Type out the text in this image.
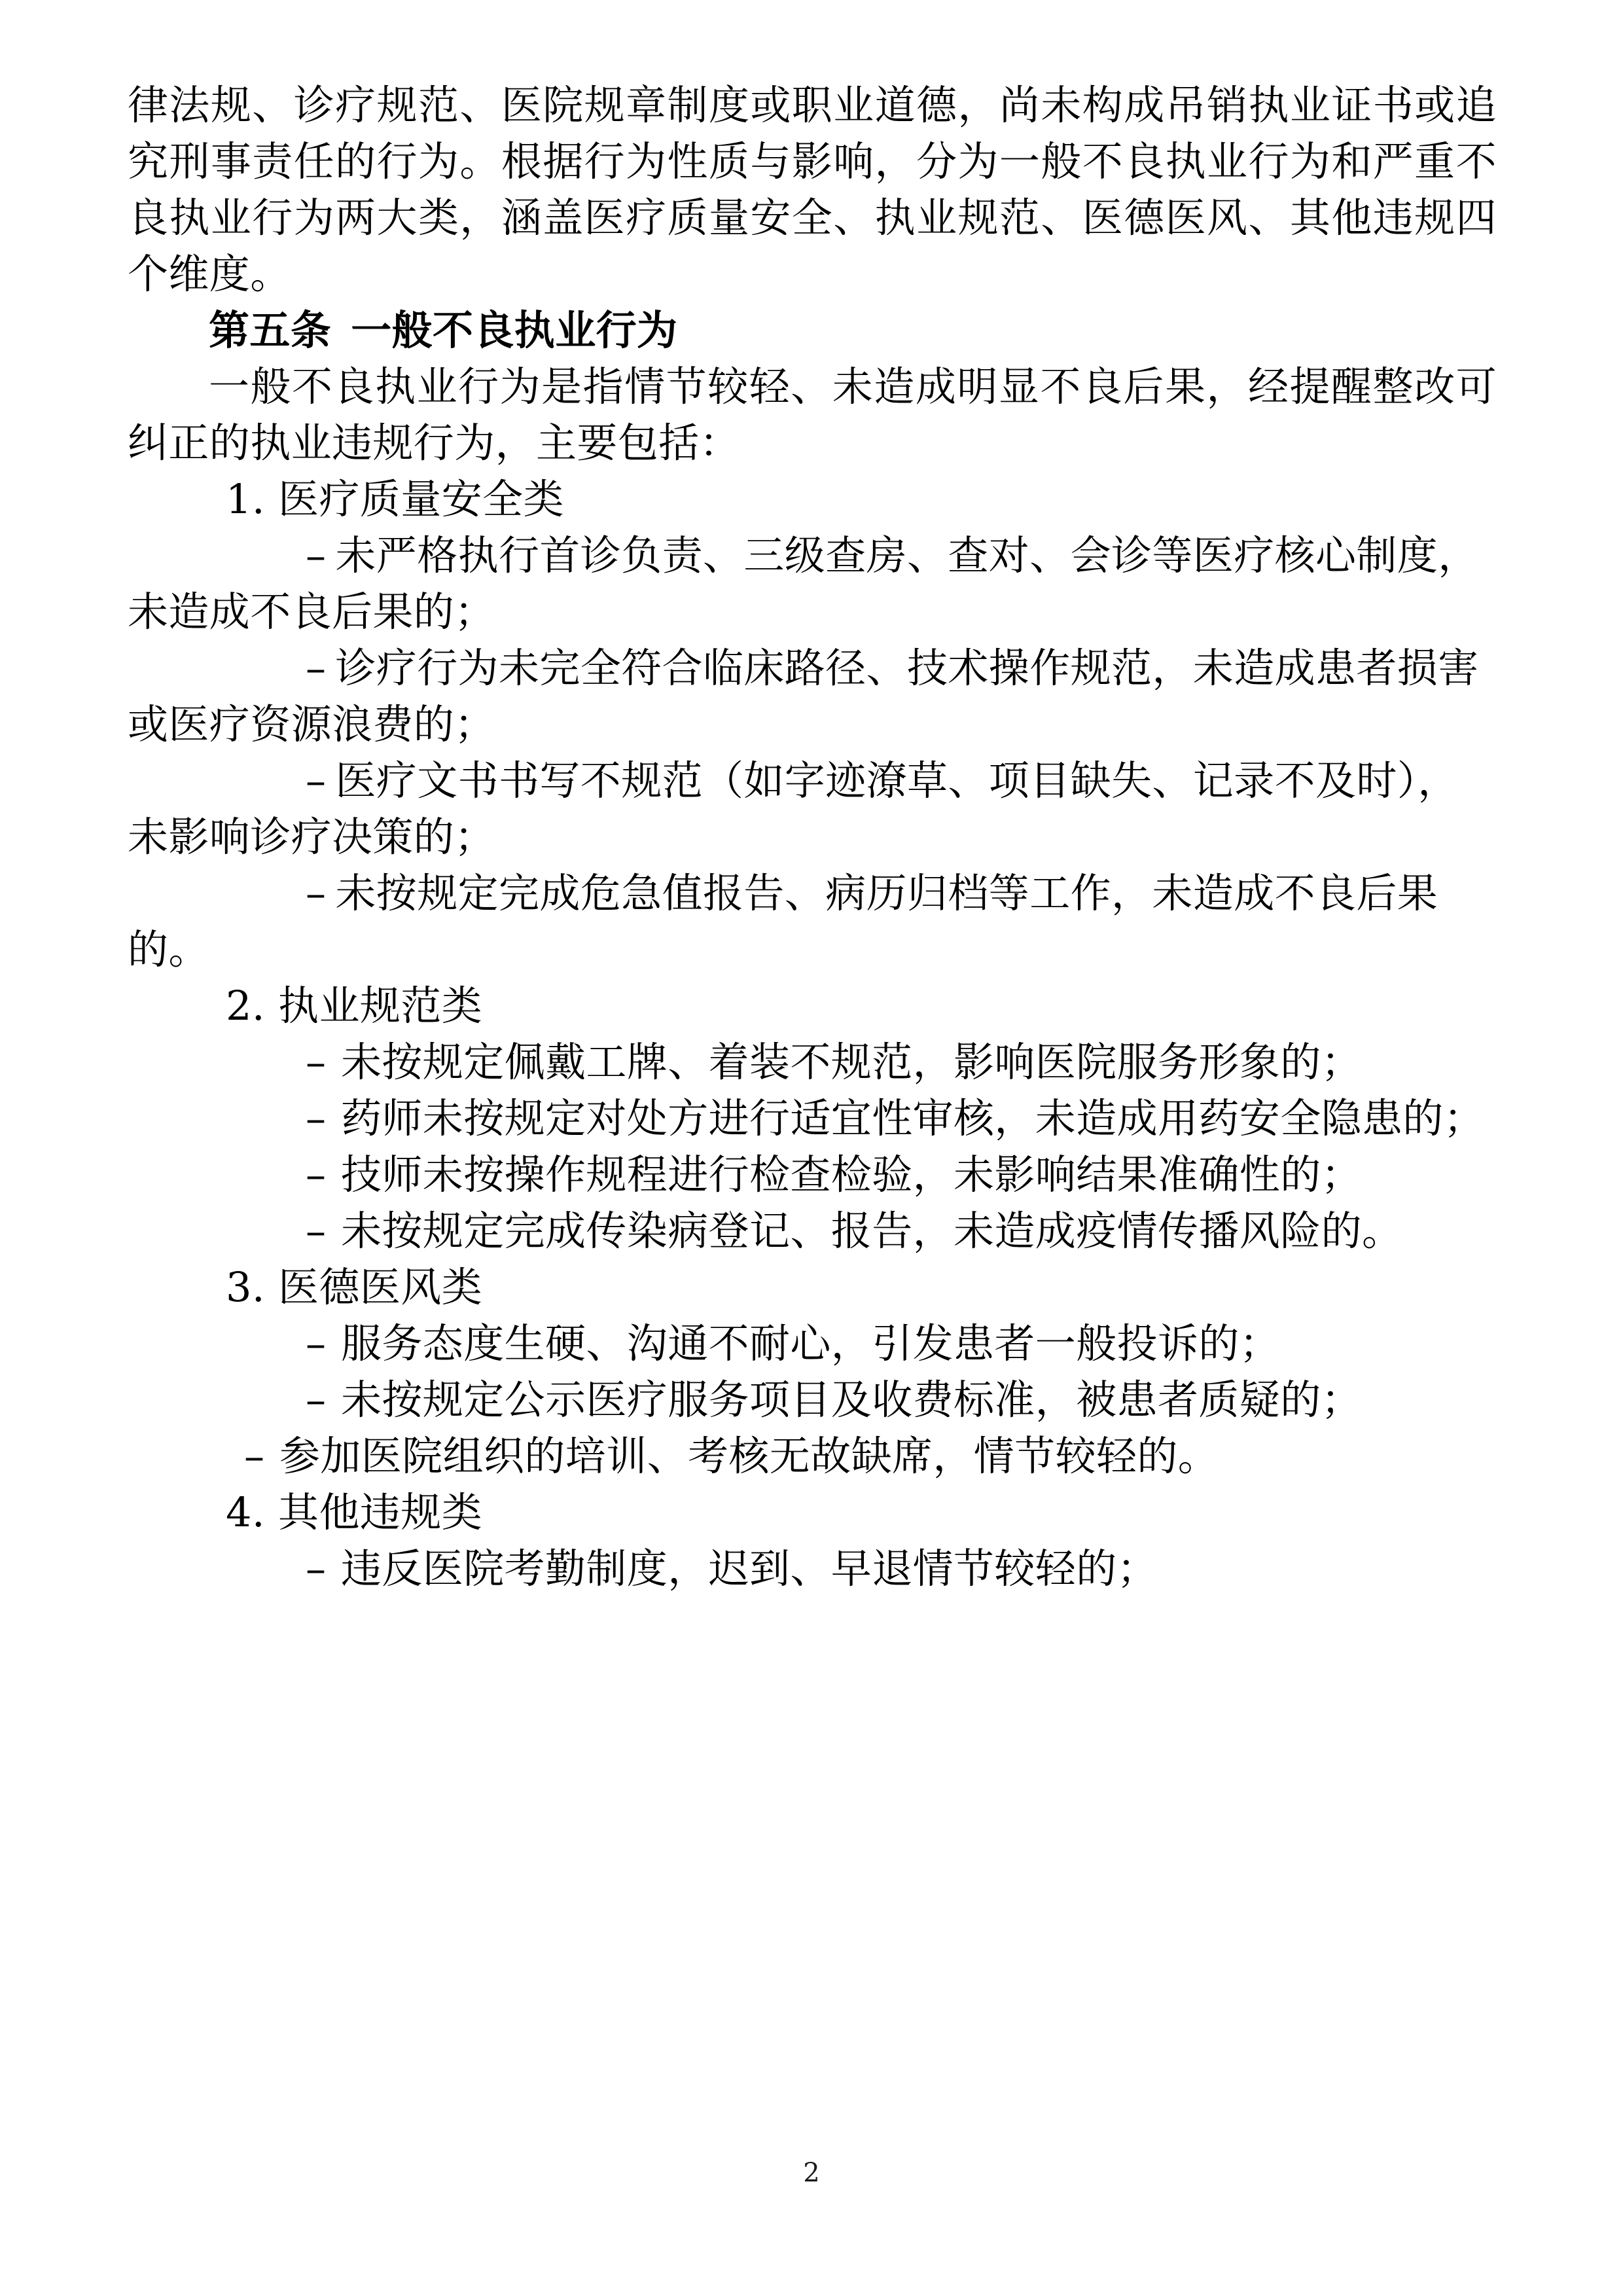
律法规、诊疗规范、医院规章制度或职业道德，尚未构成吊销执业证书或追究刑事责任的行为。根据行为性质与影响，分为一般不良执业行为和严重不良执业行为两大类，涵盖医疗质量安全、执业规范、医德医风、其他违规四个维度。

第五条 一般不良执业行为

一般不良执业行为是指情节较轻、未造成明显不良后果，经提醒整改可纠正的执业违规行为，主要包括：

1. 医疗质量安全类

– 未严格执行首诊负责、三级查房、查对、会诊等医疗核心制度，未造成不良后果的；
– 诊疗行为未完全符合临床路径、技术操作规范，未造成患者损害或医疗资源浪费的；
– 医疗文书书写不规范（如字迹潦草、项目缺失、记录不及时），未影响诊疗决策的；
– 未按规定完成危急值报告、病历归档等工作，未造成不良后果的。

2. 执业规范类

– 未按规定佩戴工牌、着装不规范，影响医院服务形象的；
– 药师未按规定对处方进行适宜性审核，未造成用药安全隐患的；
– 技师未按操作规程进行检查检验，未影响结果准确性的；
– 未按规定完成传染病登记、报告，未造成疫情传播风险的。

3. 医德医风类

– 服务态度生硬、沟通不耐心，引发患者一般投诉的；
– 未按规定公示医疗服务项目及收费标准，被患者质疑的；
– 参加医院组织的培训、考核无故缺席，情节较轻的。

4. 其他违规类

– 违反医院考勤制度，迟到、早退情节较轻的；
2
